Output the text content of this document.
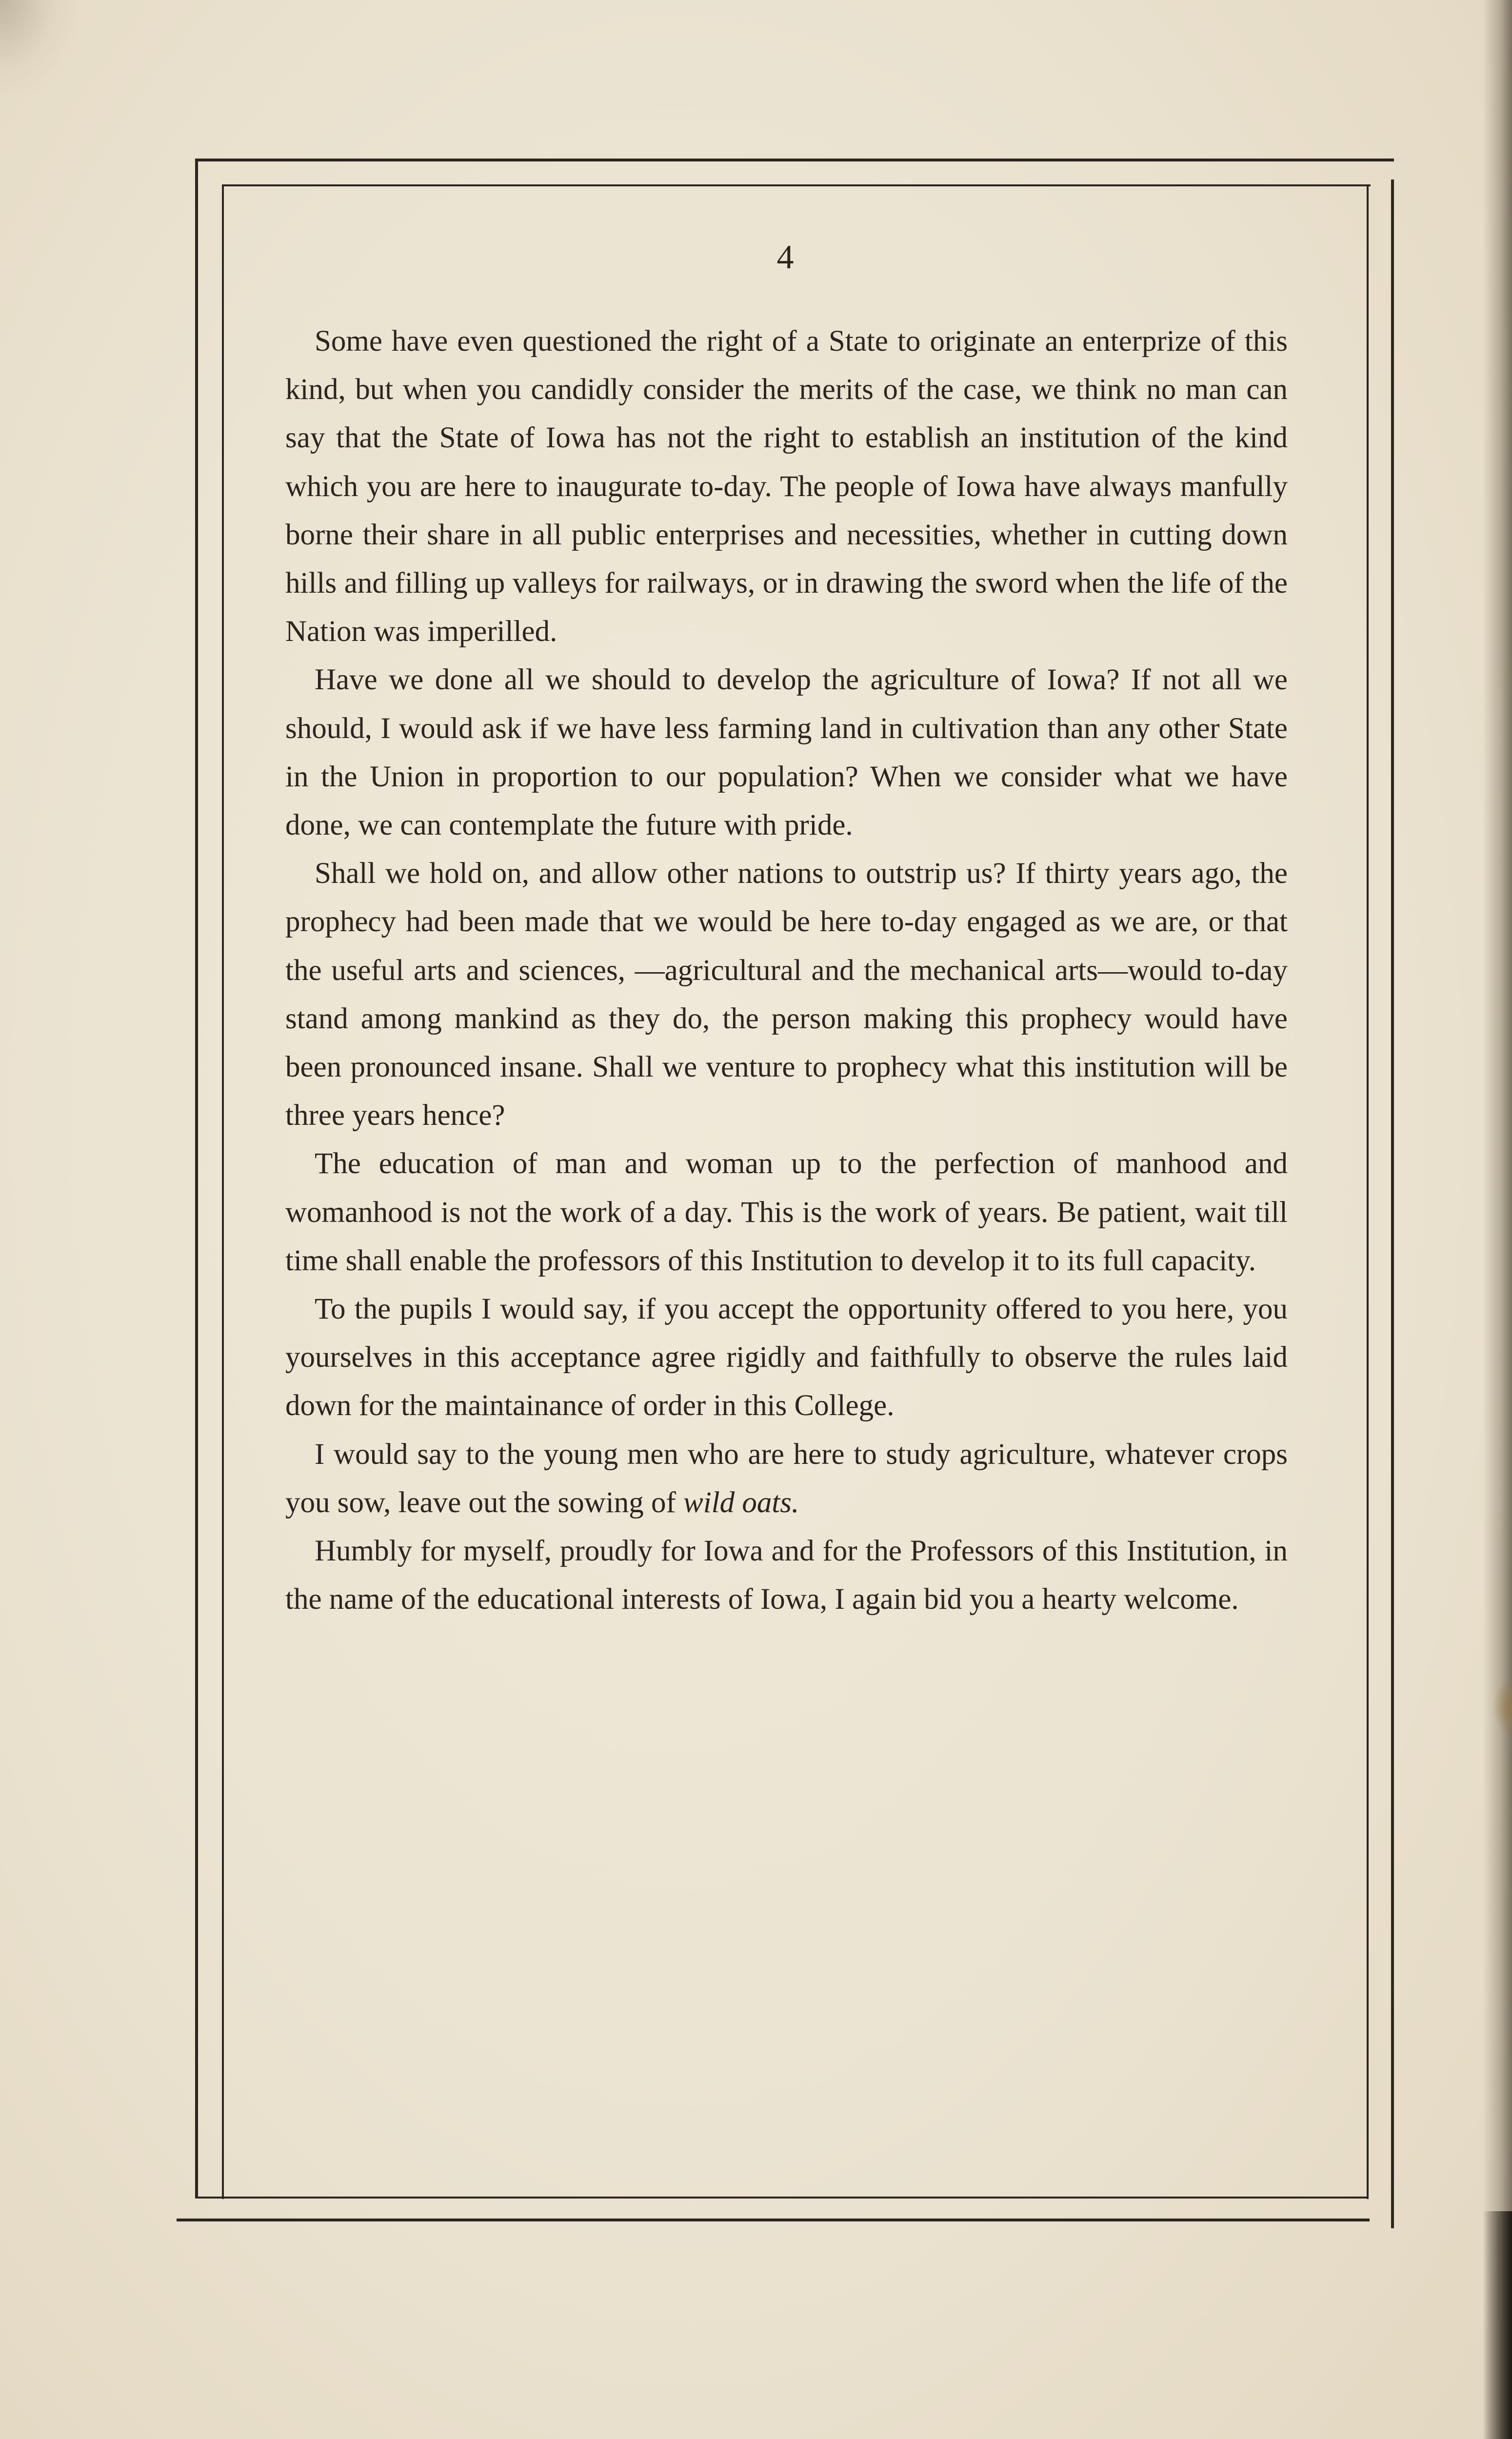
4

Some have even questioned the right of a State to originate an enterprize of this kind, but when you candidly consider the merits of the case, we think no man can say that the State of Iowa has not the right to establish an institution of the kind which you are here to inaugurate to-day. The people of Iowa have always manfully borne their share in all public enterprises and necessities, whether in cutting down hills and filling up valleys for railways, or in drawing the sword when the life of the Nation was imperilled.

Have we done all we should to develop the agriculture of Iowa? If not all we should, I would ask if we have less farming land in cultivation than any other State in the Union in proportion to our population? When we consider what we have done, we can contemplate the future with pride.

Shall we hold on, and allow other nations to outstrip us? If thirty years ago, the prophecy had been made that we would be here to-day engaged as we are, or that the useful arts and sciences, —agricultural and the mechanical arts—would to-day stand among mankind as they do, the person making this prophecy would have been pronounced insane. Shall we venture to prophecy what this institution will be three years hence?

The education of man and woman up to the perfection of manhood and womanhood is not the work of a day. This is the work of years. Be patient, wait till time shall enable the professors of this Institution to develop it to its full capacity.

To the pupils I would say, if you accept the opportunity offered to you here, you yourselves in this acceptance agree rigidly and faithfully to observe the rules laid down for the maintainance of order in this College.

I would say to the young men who are here to study agriculture, whatever crops you sow, leave out the sowing of wild oats.

Humbly for myself, proudly for Iowa and for the Professors of this Institution, in the name of the educational interests of Iowa, I again bid you a hearty welcome.
